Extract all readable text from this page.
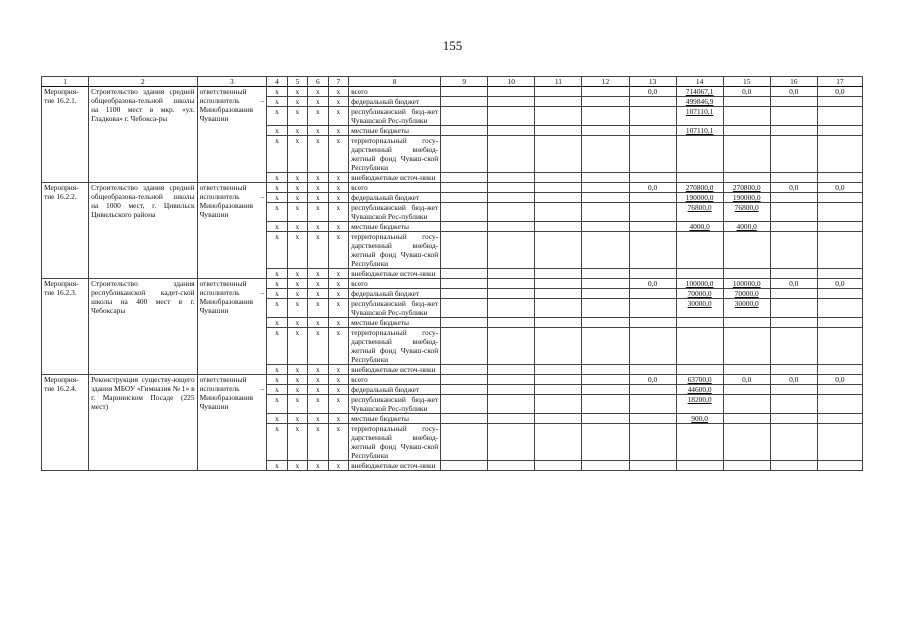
155
1	2	3	4	5	6	7	8	9	10	11	12	13	14	15	16	17
Мероприя-тие 16.2.1.	Строительство здания средней общеобразова-тельной школы на 1100 мест в мкр. «ул. Гладкова» г. Чебокса-ры	ответственный исполнитель – Минобразования Чувашии	x	x	x	x	всего					0,0	714067,1	0,0	0,0	0,0
			x	x	x	x	федеральный бюджет						499846,9			
			x	x	x	x	республиканский бюд-жет Чувашской Рес-публики						107110,1			
			x	x	x	x	местные бюджеты						107110,1			
			x	x	x	x	территориальный госу-дарственный внебюд-жетный фонд Чуваш-ской Республики									
			x	x	x	x	внебюджетные источ-ники									
Мероприя-тие 16.2.2.	Строительство здания средней общеобразова-тельной школы на 1000 мест, г. Цивильск Цивильского района	ответственный исполнитель – Минобразования Чувашии	x	x	x	x	всего					0,0	270800,0	270800,0	0,0	0,0
			x	x	x	x	федеральный бюджет						190000,0	190000,0		
			x	x	x	x	республиканский бюд-жет Чувашской Рес-публики						76800,0	76800,0		
			x	x	x	x	местные бюджеты						4000,0	4000,0		
			x	x	x	x	территориальный госу-дарственный внебюд-жетный фонд Чуваш-ской Республики									
			x	x	x	x	внебюджетные источ-ники									
Мероприя-тие 16.2.3.	Строительство здания республиканской кадет-ской школы на 400 мест в г. Чебоксары	ответственный исполнитель – Минобразования Чувашии	x	x	x	x	всего					0,0	100000,0	100000,0	0,0	0,0
			x	x	x	x	федеральный бюджет						70000,0	70000,0		
			x	x	x	x	республиканский бюд-жет Чувашской Рес-публики						30000,0	30000,0		
			x	x	x	x	местные бюджеты									
			x	x	x	x	территориальный госу-дарственный внебюд-жетный фонд Чуваш-ской Республики									
			x	x	x	x	внебюджетные источ-ники									
Мероприя-тие 16.2.4.	Реконструкция существу-ющего здания МБОУ «Гимназия № 1» в г. Мариинском Посаде (225 мест)	ответственный исполнитель – Минобразования Чувашии	x	x	x	x	всего					0,0	63700,0	0,0	0,0	0,0
			x	x	x	x	федеральный бюджет						44600,0			
			x	x	x	x	республиканский бюд-жет Чувашской Рес-публики						18200,0			
			x	x	x	x	местные бюджеты						900,0			
			x	x	x	x	территориальный госу-дарственный внебюд-жетный фонд Чуваш-ской Республики									
			x	x	x	x	внебюджетные источ-ники									
